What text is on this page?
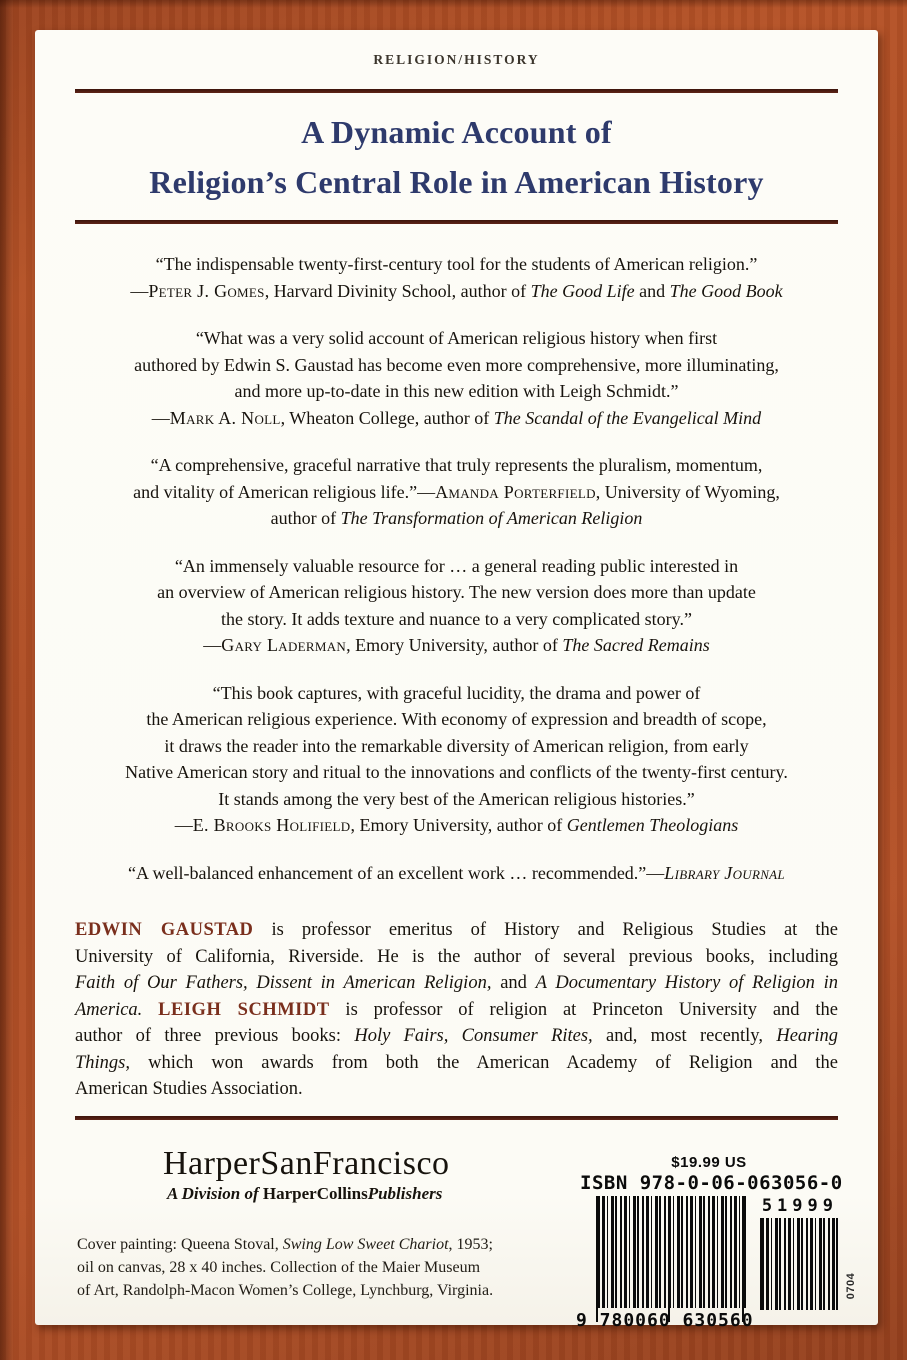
RELIGION/HISTORY
A Dynamic Account of
Religion’s Central Role in American History
“The indispensable twenty-first-century tool for the students of American religion.”
—Peter J. Gomes, Harvard Divinity School, author of The Good Life and The Good Book
“What was a very solid account of American religious history when first
authored by Edwin S. Gaustad has become even more comprehensive, more illuminating,
and more up-to-date in this new edition with Leigh Schmidt.”
—Mark A. Noll, Wheaton College, author of The Scandal of the Evangelical Mind
“A comprehensive, graceful narrative that truly represents the pluralism, momentum,
and vitality of American religious life.”—Amanda Porterfield, University of Wyoming,
author of The Transformation of American Religion
“An immensely valuable resource for … a general reading public interested in
an overview of American religious history. The new version does more than update
the story. It adds texture and nuance to a very complicated story.”
—Gary Laderman, Emory University, author of The Sacred Remains
“This book captures, with graceful lucidity, the drama and power of
the American religious experience. With economy of expression and breadth of scope,
it draws the reader into the remarkable diversity of American religion, from early
Native American story and ritual to the innovations and conflicts of the twenty-first century.
It stands among the very best of the American religious histories.”
—E. Brooks Holifield, Emory University, author of Gentlemen Theologians
“A well-balanced enhancement of an excellent work … recommended.”—Library Journal
EDWIN GAUSTAD is professor emeritus of History and Religious Studies at the
University of California, Riverside. He is the author of several previous books, including
Faith of Our Fathers, Dissent in American Religion, and A Documentary History of Religion in
America. LEIGH SCHMIDT is professor of religion at Princeton University and the
author of three previous books: Holy Fairs, Consumer Rites, and, most recently, Hearing
Things, which won awards from both the American Academy of Religion and the
American Studies Association.
HarperSanFrancisco
A Division of HarperCollinsPublishers
Cover painting: Queena Stoval, Swing Low Sweet Chariot, 1953;
oil on canvas, 28 x 40 inches. Collection of the Maier Museum
of Art, Randolph-Macon Women’s College, Lynchburg, Virginia.
$19.99 US
ISBN 978-0-06-063056-0
9 780060 630560
51999
0704
